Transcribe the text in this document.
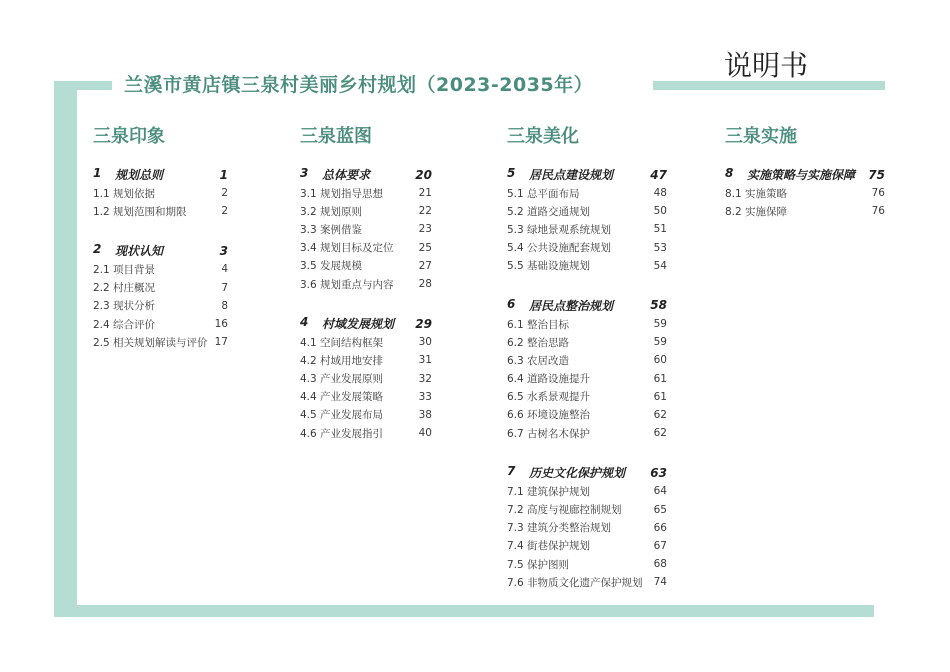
兰溪市黄店镇三泉村美丽乡村规划（2023-2035年）
说明书
三泉印象
1	规划总则	1
1.1 规划依据	2
1.2 规划范围和期限	2
2	现状认知	3
2.1 项目背景	4
2.2 村庄概况	7
2.3 现状分析	8
2.4 综合评价	16
2.5 相关规划解读与评价 17
三泉蓝图
3	总体要求	20
3.1 规划指导思想	21
3.2 规划原则	22
3.3 案例借鉴	23
3.4 规划目标及定位 25
3.5 发展规模	27
3.6 规划重点与内容 28
4	村域发展规划 29
4.1 空间结构框架	30
4.2 村域用地安排	31
4.3 产业发展原则	32
4.4 产业发展策略	33
4.5 产业发展布局	38
4.6 产业发展指引	40
三泉美化
5	居民点建设规划	47
5.1 总平面布局	48
5.2 道路交通规划	50
5.3 绿地景观系统规划	51
5.4 公共设施配套规划	53
5.5 基础设施规划	54
6	居民点整治规划	58
6.1 整治目标	59
6.2 整治思路	59
6.3 农居改造	60
6.4 道路设施提升	61
6.5 水系景观提升	61
6.6 环境设施整治	62
6.7 古树名木保护	62
7	历史文化保护规划 63
7.1 建筑保护规划	64
7.2 高度与视廊控制规划	65
7.3 建筑分类整治规划	66
7.4 街巷保护规划	67
7.5 保护图则	68
7.6 非物质文化遗产保护规划 74
三泉实施
8	实施策略与实施保障 75
8.1 实施策略	76
8.2 实施保障	76
